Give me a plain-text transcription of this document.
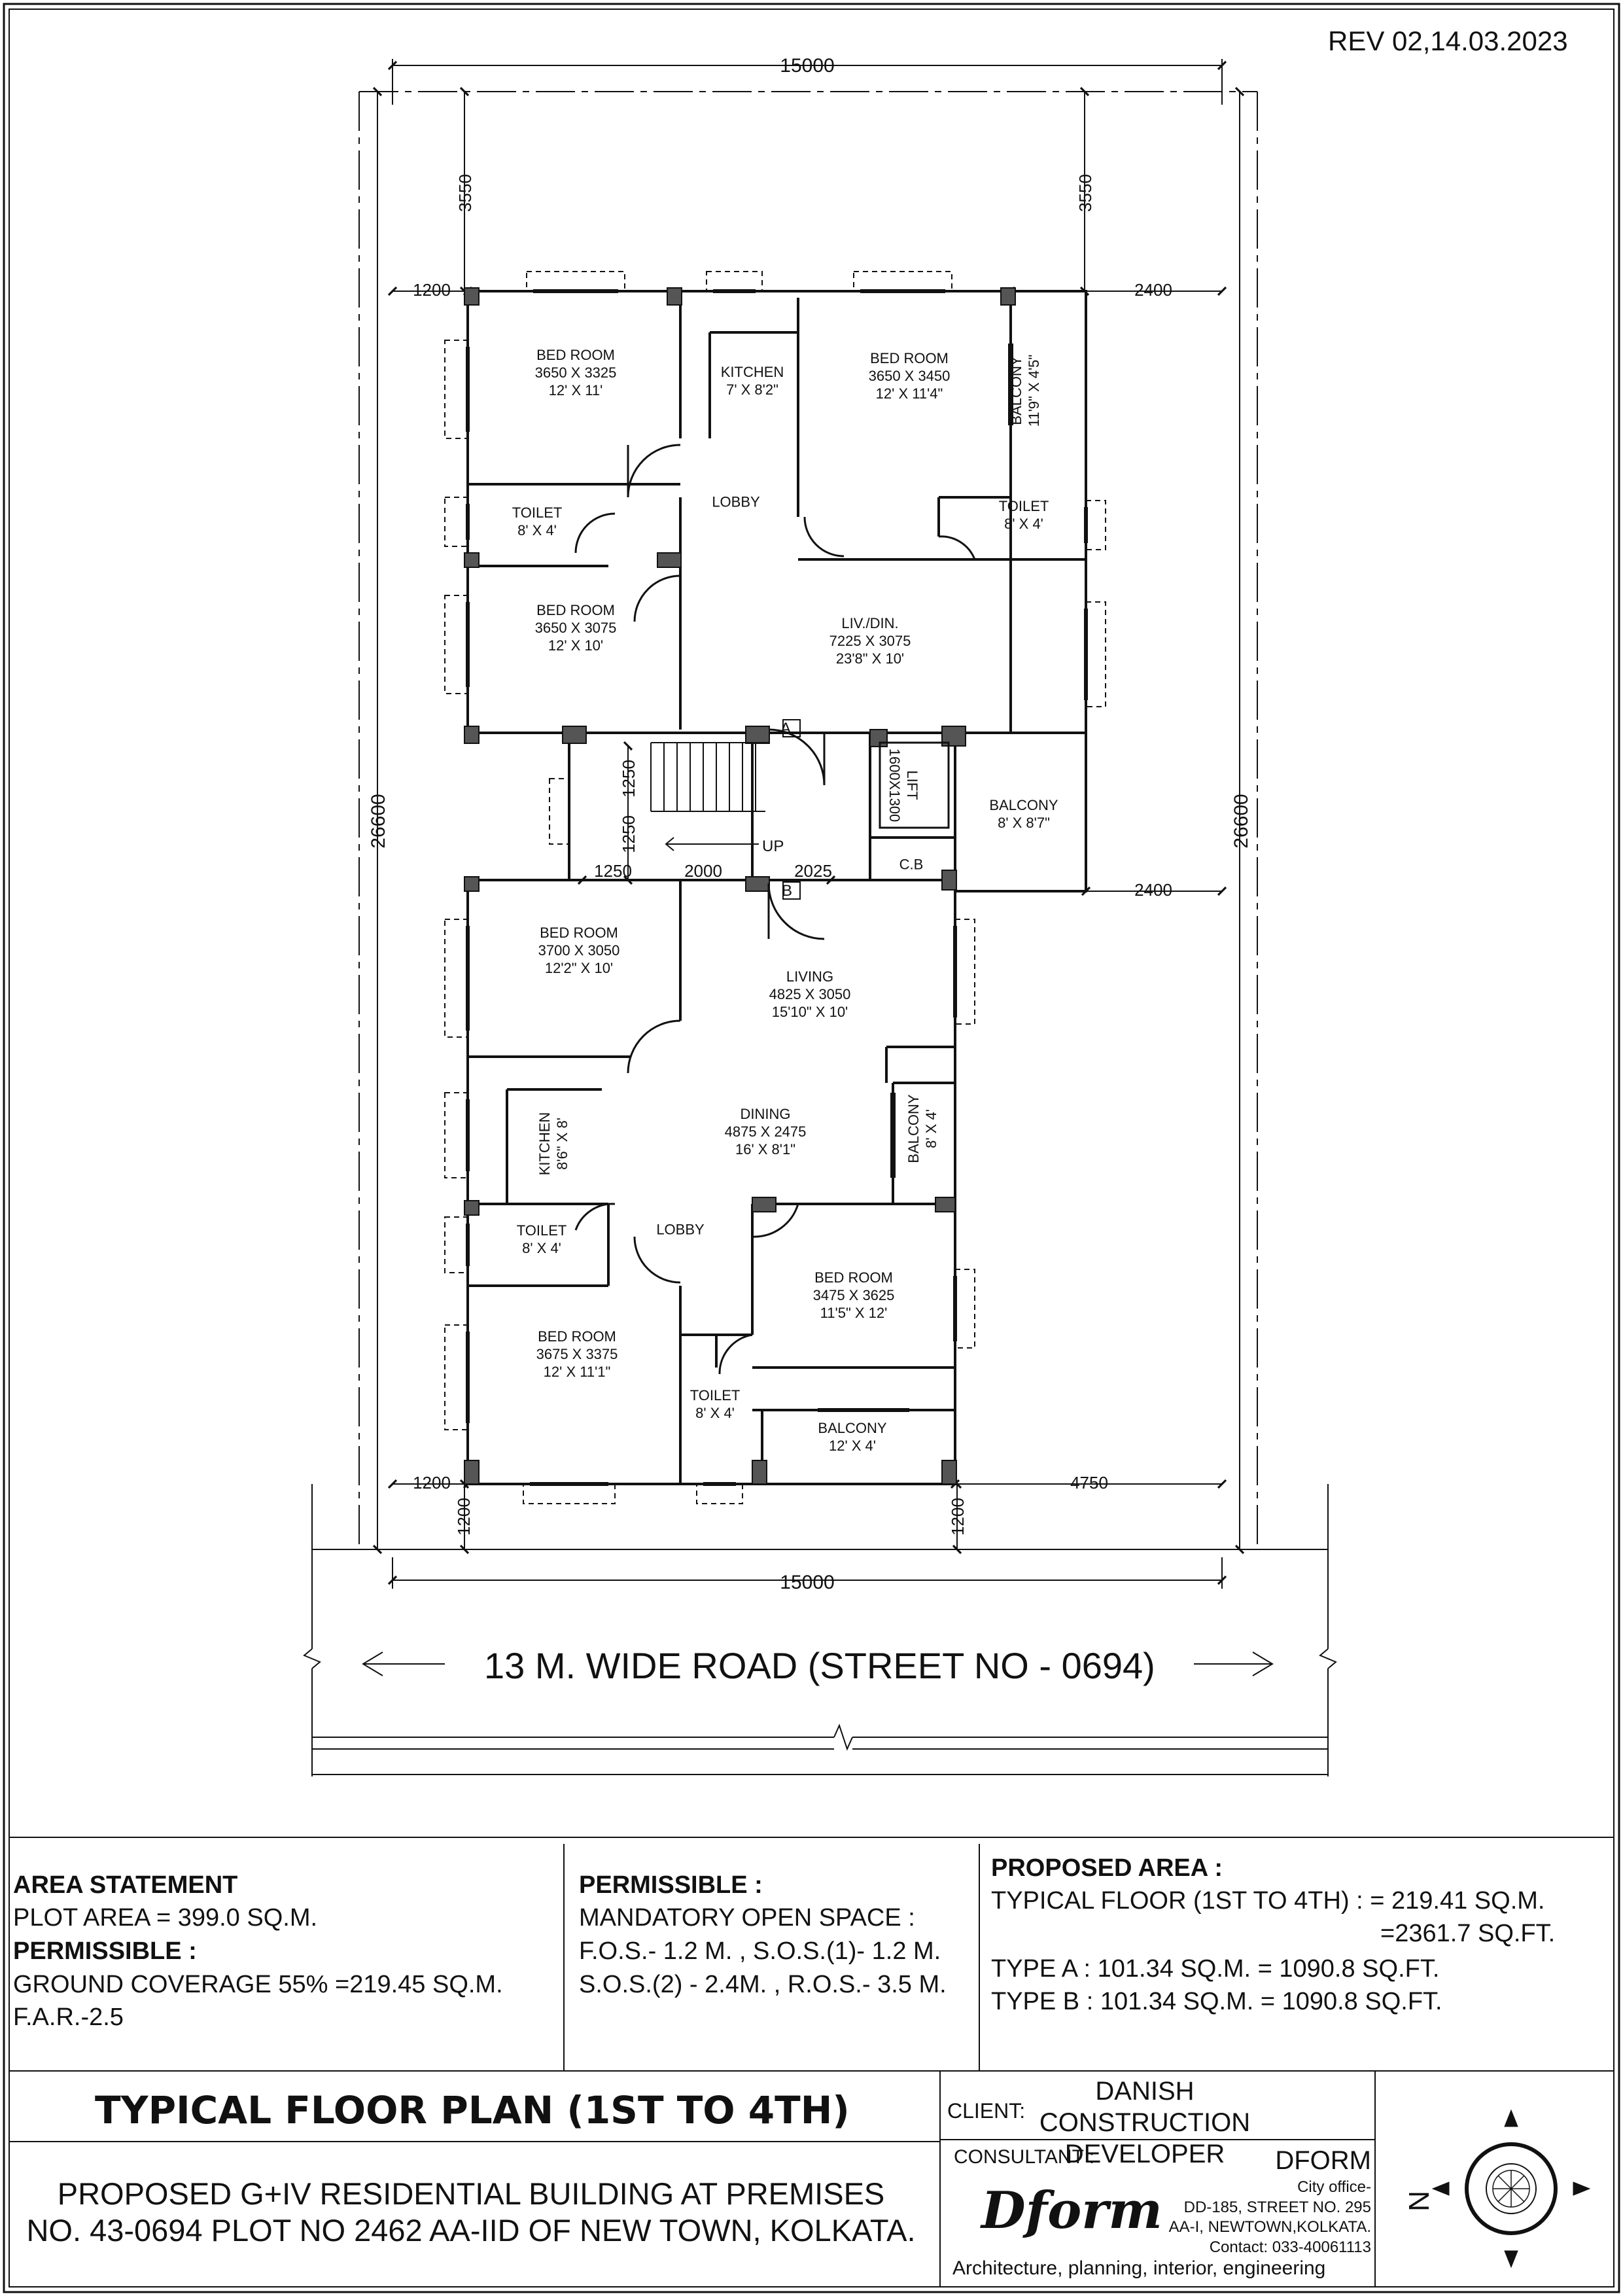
15000
15000
26600	26600
3550	3550
1200	2400
2400
1200	4750
1200	1200
1250	2000	2025
1250
1250
N
BED ROOM
3650 X 3325
12' X 11'
KITCHEN
7' X 8'2"
BED ROOM
3650 X 3450
12' X 11'4"	BALCONY 11'9" X 4'5"
TOILET
8' X 4'
LOBBY	TOILET
8' X 4'
BED ROOM
3650 X 3075
12' X 10'
LIV./DIN.
7225 X 3075
23'8" X 10'
LIFT
1600X1300	BALCONY
8' X 8'7"
C.B
BED ROOM
3700 X 3050
12'2" X 10'
LIVING
4825 X 3050
15'10" X 10'
KITCHEN 8'6" X 8'
DINING
4875 X 2475
16' X 8'1"	BALCONY 8' X 4'
TOILET
8' X 4'
LOBBY
BED ROOM
3475 X 3625
11'5" X 12'
BED ROOM
3675 X 3375
12' X 11'1"
TOILET
8' X 4'
BALCONY
12' X 4'
A
B
UP
REV 02,14.03.2023
13 M. WIDE ROAD (STREET NO - 0694)
AREA STATEMENT
PLOT AREA = 399.0 SQ.M.
PERMISSIBLE :
GROUND COVERAGE 55% =219.45 SQ.M.
F.A.R.-2.5
PERMISSIBLE :
MANDATORY OPEN SPACE :
F.O.S.- 1.2 M. , S.O.S.(1)- 1.2 M.
S.O.S.(2) - 2.4M. , R.O.S.- 3.5 M.
PROPOSED AREA :
TYPICAL FLOOR (1ST TO 4TH) : = 219.41 SQ.M.
=2361.7 SQ.FT.
TYPE A : 101.34 SQ.M. = 1090.8 SQ.FT.
TYPE B : 101.34 SQ.M. = 1090.8 SQ.FT.
TYPICAL FLOOR PLAN (1ST TO 4TH)
PROPOSED G+IV RESIDENTIAL BUILDING AT PREMISES NO. 43-0694 PLOT NO 2462 AA-IID OF NEW TOWN, KOLKATA.
CLIENT:
DANISH CONSTRUCTION DEVELOPER
CONSULTANT :	DFORM
City office-
DD-185, STREET NO. 295
AA-I, NEWTOWN,KOLKATA.
Contact: 033-40061113
Dform
Architecture, planning, interior, engineering
